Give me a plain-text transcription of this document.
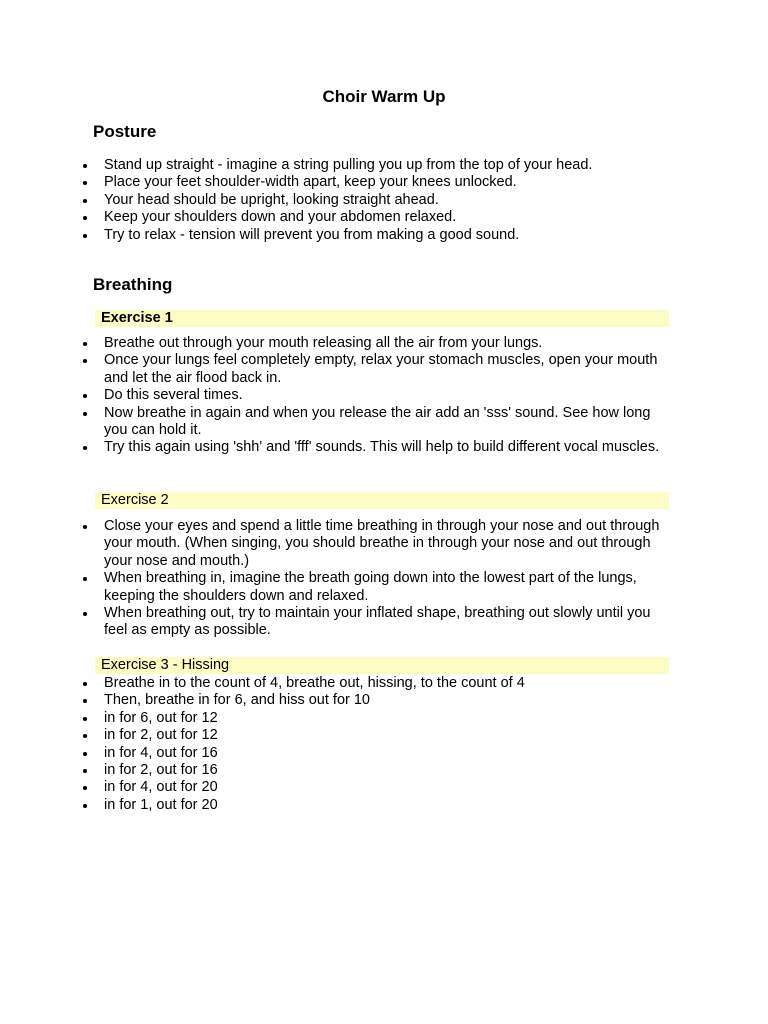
Choir Warm Up
Posture
Stand up straight - imagine a string pulling you up from the top of your head.
Place your feet shoulder-width apart, keep your knees unlocked.
Your head should be upright, looking straight ahead.
Keep your shoulders down and your abdomen relaxed.
Try to relax - tension will prevent you from making a good sound.
Breathing
Exercise 1
Breathe out through your mouth releasing all the air from your lungs.
Once your lungs feel completely empty, relax your stomach muscles, open your mouth and let the air flood back in.
Do this several times.
Now breathe in again and when you release the air add an 'sss' sound. See how long you can hold it.
Try this again using 'shh' and 'fff' sounds. This will help to build different vocal muscles.
Exercise 2
Close your eyes and spend a little time breathing in through your nose and out through your mouth. (When singing, you should breathe in through your nose and out through your nose and mouth.)
When breathing in, imagine the breath going down into the lowest part of the lungs, keeping the shoulders down and relaxed.
When breathing out, try to maintain your inflated shape, breathing out slowly until you feel as empty as possible.
Exercise 3 - Hissing
Breathe in to the count of 4, breathe out, hissing, to the count of 4
Then, breathe in for 6, and hiss out for 10
in for 6, out for 12
in for 2, out for 12
in for 4, out for 16
in for 2, out for 16
in for 4, out for 20
in for 1, out for 20
